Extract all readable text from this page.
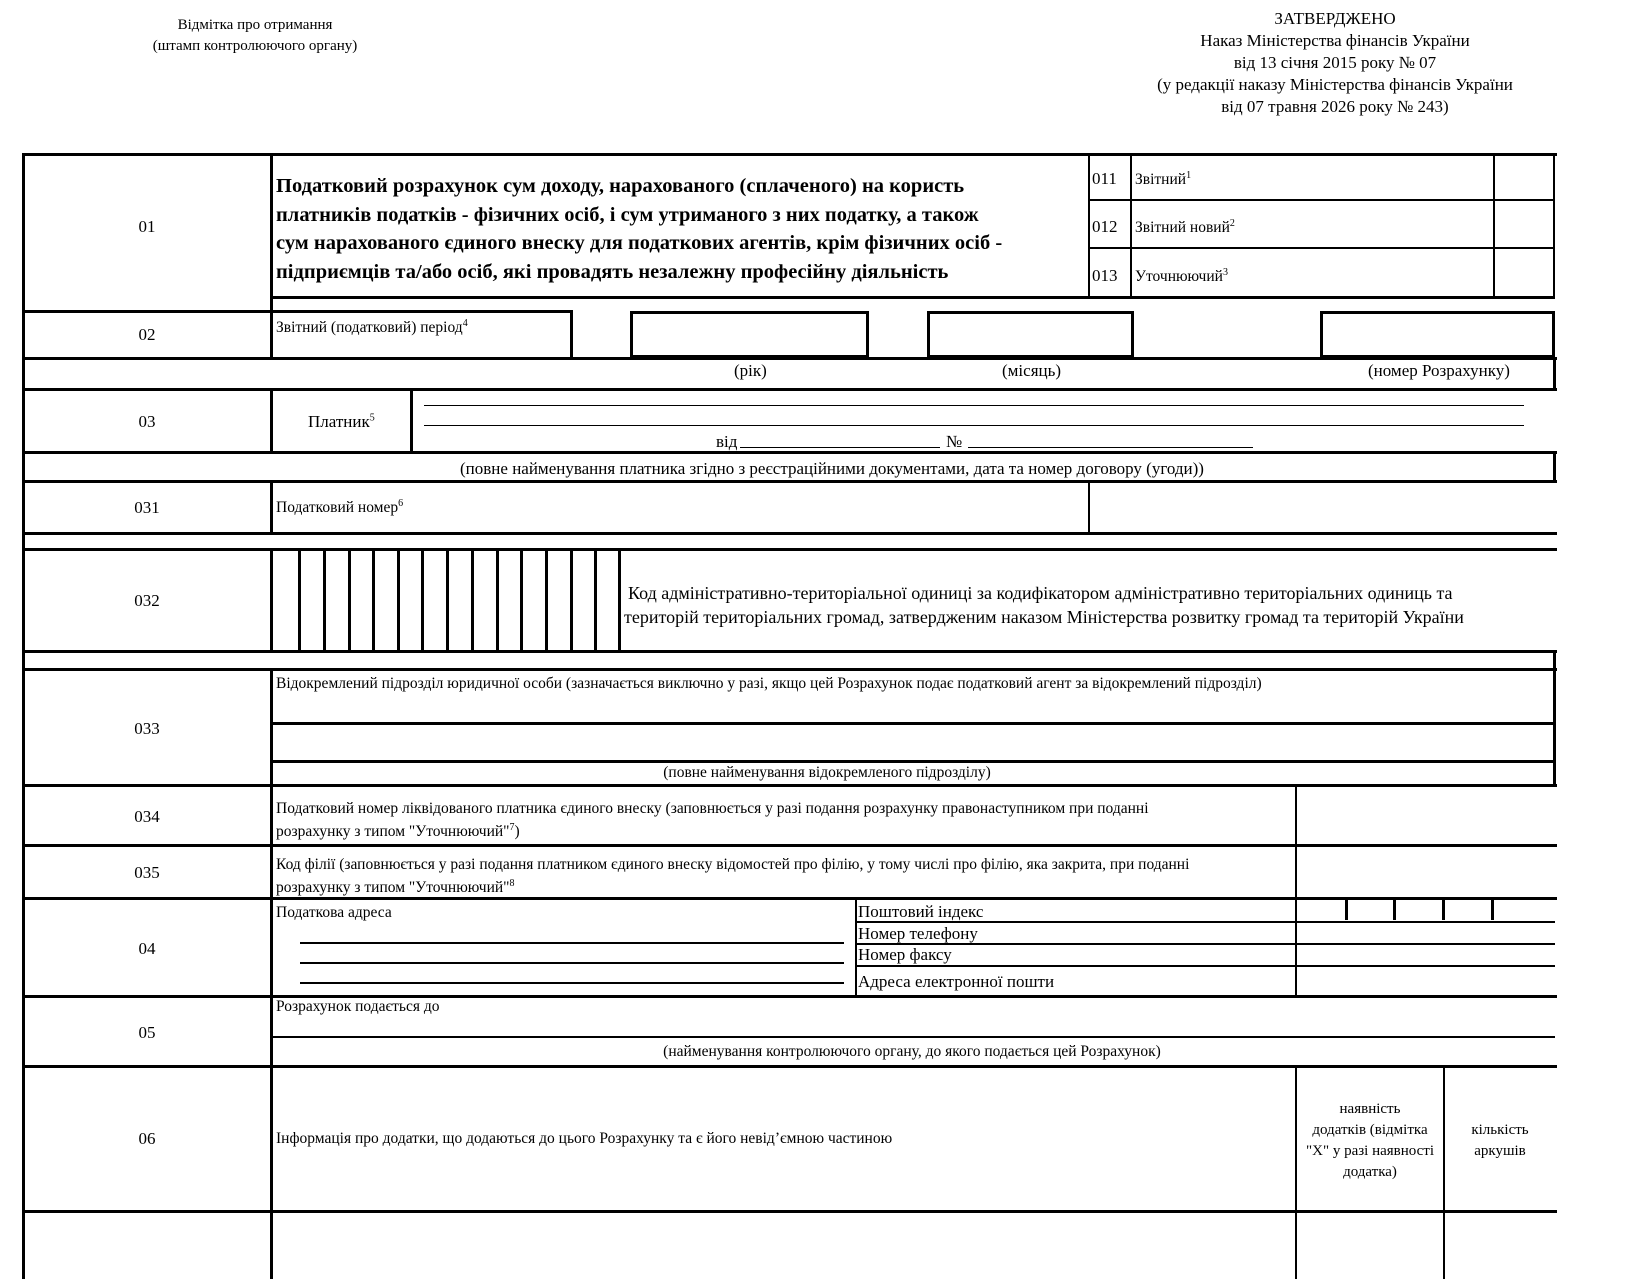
Відмітка про отримання
(штамп контролюючого органу)
ЗАТВЕРДЖЕНО
Наказ Міністерства фінансів України
від 13 січня 2015 року № 07
(у редакції наказу Міністерства фінансів України
від 07 травня 2026 року № 243)
01
Податковий розрахунок сум доходу, нарахованого (сплаченого) на користь
платників податків - фізичних осіб, і сум утриманого з них податку, а також
сум нарахованого єдиного внеску для податкових агентів, крім фізичних осіб -
підприємців та/або осіб, які провадять незалежну професійну діяльність
011 Звітний$^1$
012 Звітний новий$^2$
013 Уточнюючий$^3$
02	Звітний (податковий) період$^4$
(рік)	(місяць)	(номер Розрахунку)
03	Платник$^5$
від	№
(повне найменування платника згідно з реєстраційними документами, дата та номер договору (угоди))
031	Податковий номер$^6$
032	Код адміністративно-територіальної одиниці за кодифікатором адміністративно територіальних одиниць та
територій територіальних громад, затвердженим наказом Міністерства розвитку громад та територій України
033
Відокремлений підрозділ юридичної особи (зазначається виключно у разі, якщо цей Розрахунок подає податковий агент за відокремлений підрозділ)
(повне найменування відокремленого підрозділу)
034	Податковий номер ліквідованого платника єдиного внеску (заповнюється у разі подання розрахунку правонаступником при поданні
розрахунку з типом "Уточнюючий"$^7$)
035	Код філії (заповнюється у разі подання платником єдиного внеску відомостей про філію, у тому числі про філію, яка закрита, при поданні
розрахунку з типом "Уточнюючий"$^8$
04
Податкова адреса	Поштовий індекс
Номер телефону
Номер факсу
Адреса електронної пошти
05
Розрахунок подається до
(найменування контролюючого органу, до якого подається цей Розрахунок)
06	Інформація про додатки, що додаються до цього Розрахунку та є його невід’ємною частиною
наявність
додатків (відмітка
"Х" у разі наявності
додатка)
кількість
аркушів
